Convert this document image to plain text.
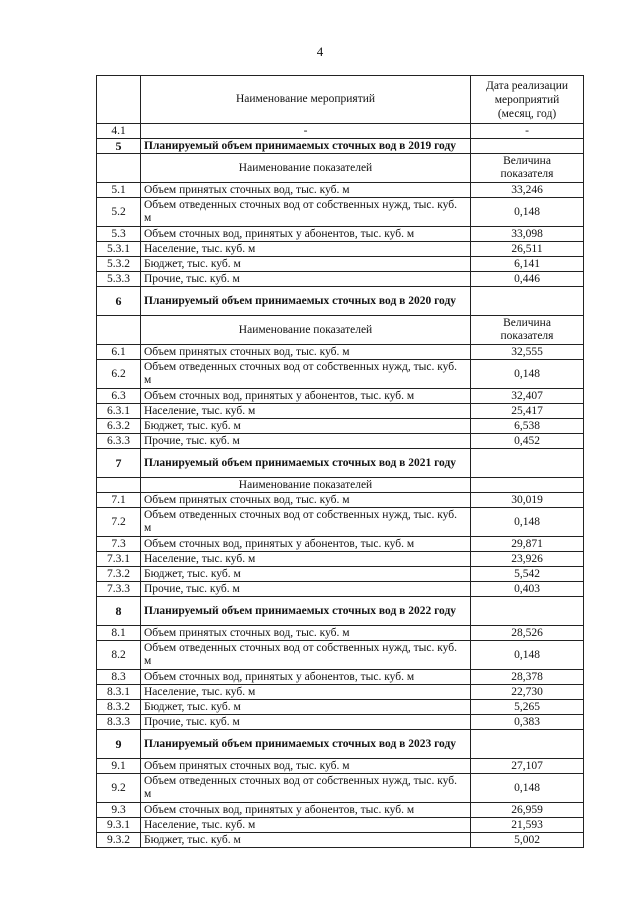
4
	Наименование мероприятий	Дата реализации
мероприятий
(месяц, год)

4.1	-	-
5	Планируемый объем принимаемых сточных вод в 2019 году	
	Наименование показателей	Величина
показателя

5.1	Объем принятых сточных вод, тыс. куб. м	33,246
5.2	Объем отведенных сточных вод от собственных нужд, тыс. куб. м	0,148
5.3	Объем сточных вод, принятых у абонентов, тыс. куб. м	33,098
5.3.1	Население, тыс. куб. м	26,511
5.3.2	Бюджет, тыс. куб. м	6,141
5.3.3	Прочие, тыс. куб. м	0,446
6	Планируемый объем принимаемых сточных вод в 2020 году	
	Наименование показателей	Величина
показателя

6.1	Объем принятых сточных вод, тыс. куб. м	32,555
6.2	Объем отведенных сточных вод от собственных нужд, тыс. куб. м	0,148
6.3	Объем сточных вод, принятых у абонентов, тыс. куб. м	32,407
6.3.1	Население, тыс. куб. м	25,417
6.3.2	Бюджет, тыс. куб. м	6,538
6.3.3	Прочие, тыс. куб. м	0,452
7	Планируемый объем принимаемых сточных вод в 2021 году	
	Наименование показателей	
7.1	Объем принятых сточных вод, тыс. куб. м	30,019
7.2	Объем отведенных сточных вод от собственных нужд, тыс. куб. м	0,148
7.3	Объем сточных вод, принятых у абонентов, тыс. куб. м	29,871
7.3.1	Население, тыс. куб. м	23,926
7.3.2	Бюджет, тыс. куб. м	5,542
7.3.3	Прочие, тыс. куб. м	0,403
8	Планируемый объем принимаемых сточных вод в 2022 году	
8.1	Объем принятых сточных вод, тыс. куб. м	28,526
8.2	Объем отведенных сточных вод от собственных нужд, тыс. куб. м	0,148
8.3	Объем сточных вод, принятых у абонентов, тыс. куб. м	28,378
8.3.1	Население, тыс. куб. м	22,730
8.3.2	Бюджет, тыс. куб. м	5,265
8.3.3	Прочие, тыс. куб. м	0,383
9	Планируемый объем принимаемых сточных вод в 2023 году	
9.1	Объем принятых сточных вод, тыс. куб. м	27,107
9.2	Объем отведенных сточных вод от собственных нужд, тыс. куб. м	0,148
9.3	Объем сточных вод, принятых у абонентов, тыс. куб. м	26,959
9.3.1	Население, тыс. куб. м	21,593
9.3.2	Бюджет, тыс. куб. м	5,002
